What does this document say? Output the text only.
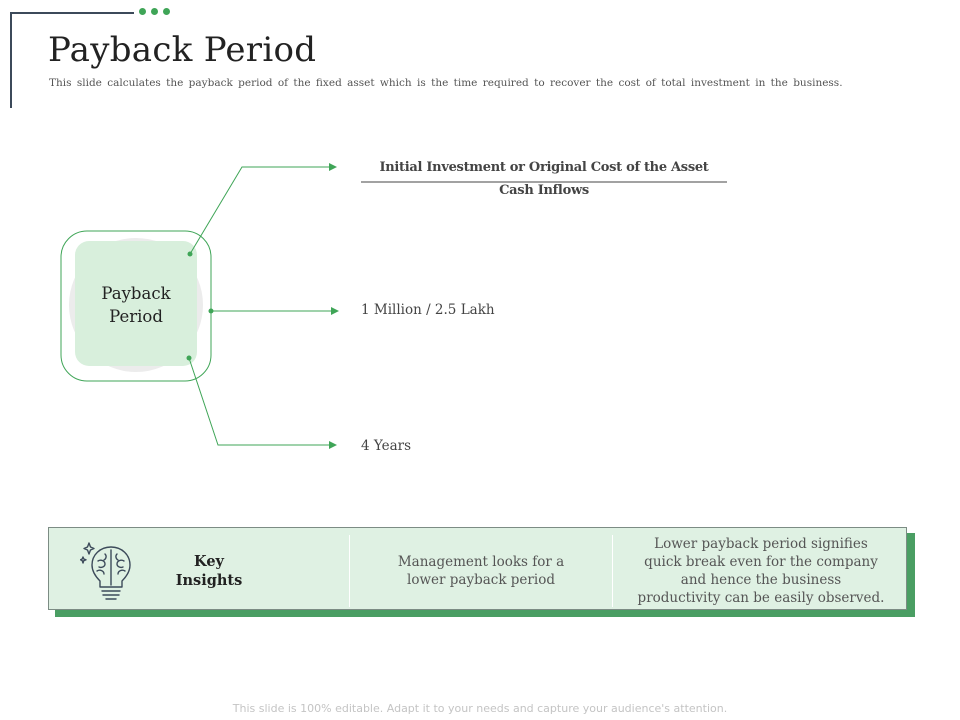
Payback Period
This slide calculates the payback period of the fixed asset which is the time required to recover the cost of total investment in the business.
Payback
Period
Initial Investment or Original Cost of the Asset
Cash Inflows
1 Million / 2.5 Lakh
4 Years
Key
Insights
Management looks for a
lower payback period
Lower payback period signifies
quick break even for the company
and hence the business
productivity can be easily observed.
This slide is 100% editable. Adapt it to your needs and capture your audience's attention.
